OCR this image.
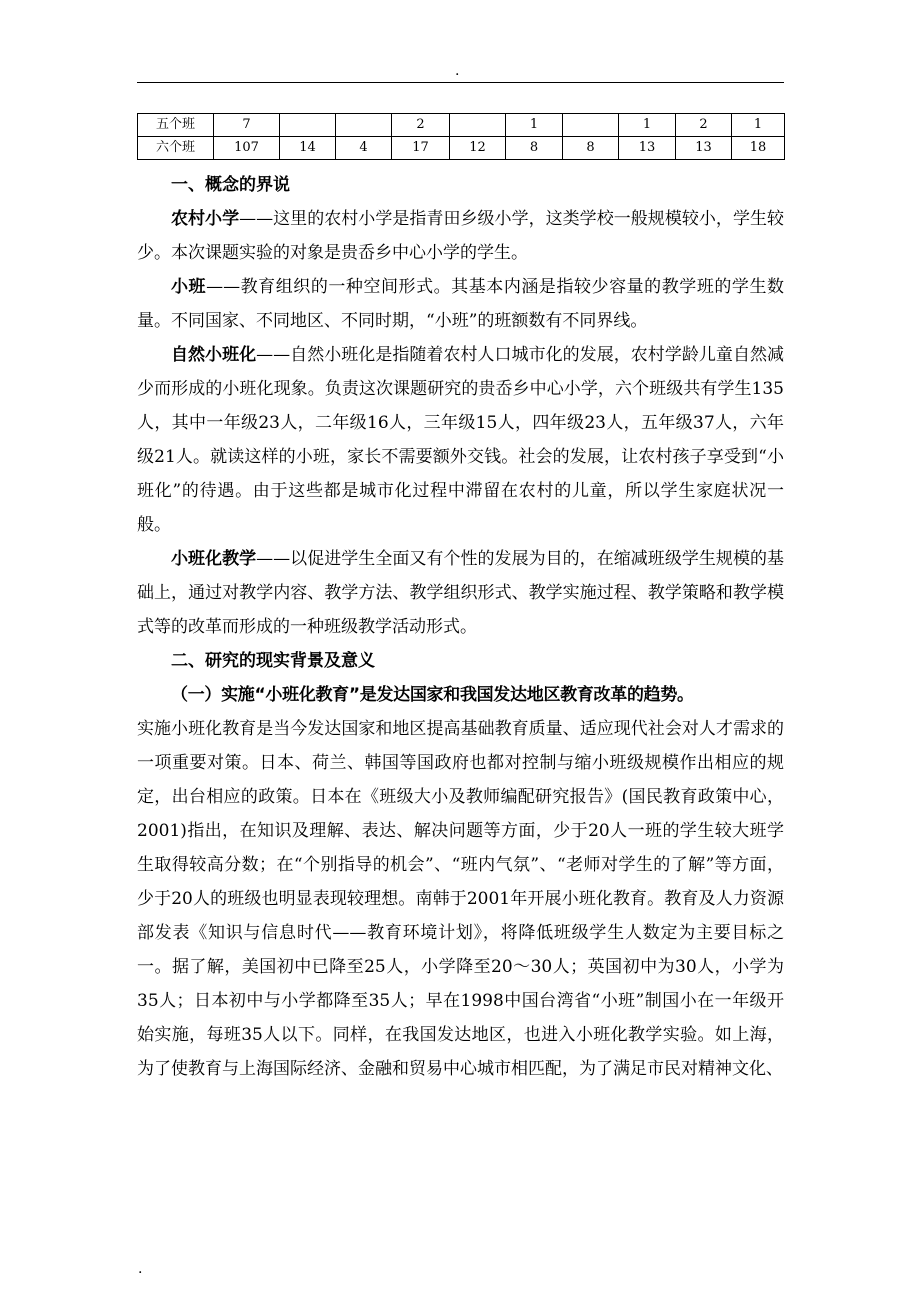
.
五个班	7			2		1		1	2	1
六个班	107	14	4	17	12	8	8	13	13	18

一、概念的界说

农村小学——这里的农村小学是指青田乡级小学，这类学校一般规模较小，学生较少。本次课题实验的对象是贵岙乡中心小学的学生。

小班——教育组织的一种空间形式。其基本内涵是指较少容量的教学班的学生数量。不同国家、不同地区、不同时期，“小班”的班额数有不同界线。

自然小班化——自然小班化是指随着农村人口城市化的发展，农村学龄儿童自然减少而形成的小班化现象。负责这次课题研究的贵岙乡中心小学，六个班级共有学生135人，其中一年级23人，二年级16人，三年级15人，四年级23人，五年级37人，六年级21人。就读这样的小班，家长不需要额外交钱。社会的发展，让农村孩子享受到“小班化”的待遇。由于这些都是城市化过程中滞留在农村的儿童，所以学生家庭状况一般。

小班化教学——以促进学生全面又有个性的发展为目的，在缩减班级学生规模的基础上，通过对教学内容、教学方法、教学组织形式、教学实施过程、教学策略和教学模式等的改革而形成的一种班级教学活动形式。

二、研究的现实背景及意义

（一）实施“小班化教育”是发达国家和我国发达地区教育改革的趋势。

实施小班化教育是当今发达国家和地区提高基础教育质量、适应现代社会对人才需求的一项重要对策。日本、荷兰、韩国等国政府也都对控制与缩小班级规模作出相应的规定，出台相应的政策。日本在《班级大小及教师编配研究报告》(国民教育政策中心，2001)指出，在知识及理解、表达、解决问题等方面，少于20人一班的学生较大班学生取得较高分数；在“个别指导的机会”、“班内气氛”、“老师对学生的了解”等方面，少于20人的班级也明显表现较理想。南韩于2001年开展小班化教育。教育及人力资源部发表《知识与信息时代——教育环境计划》，将降低班级学生人数定为主要目标之一。据了解，美国初中已降至25人，小学降至20～30人；英国初中为30人，小学为35人；日本初中与小学都降至35人；早在1998中国台湾省“小班”制国小在一年级开始实施，每班35人以下。同样，在我国发达地区，也进入小班化教学实验。如上海，为了使教育与上海国际经济、金融和贸易中心城市相匹配，为了满足市民对精神文化、

.
